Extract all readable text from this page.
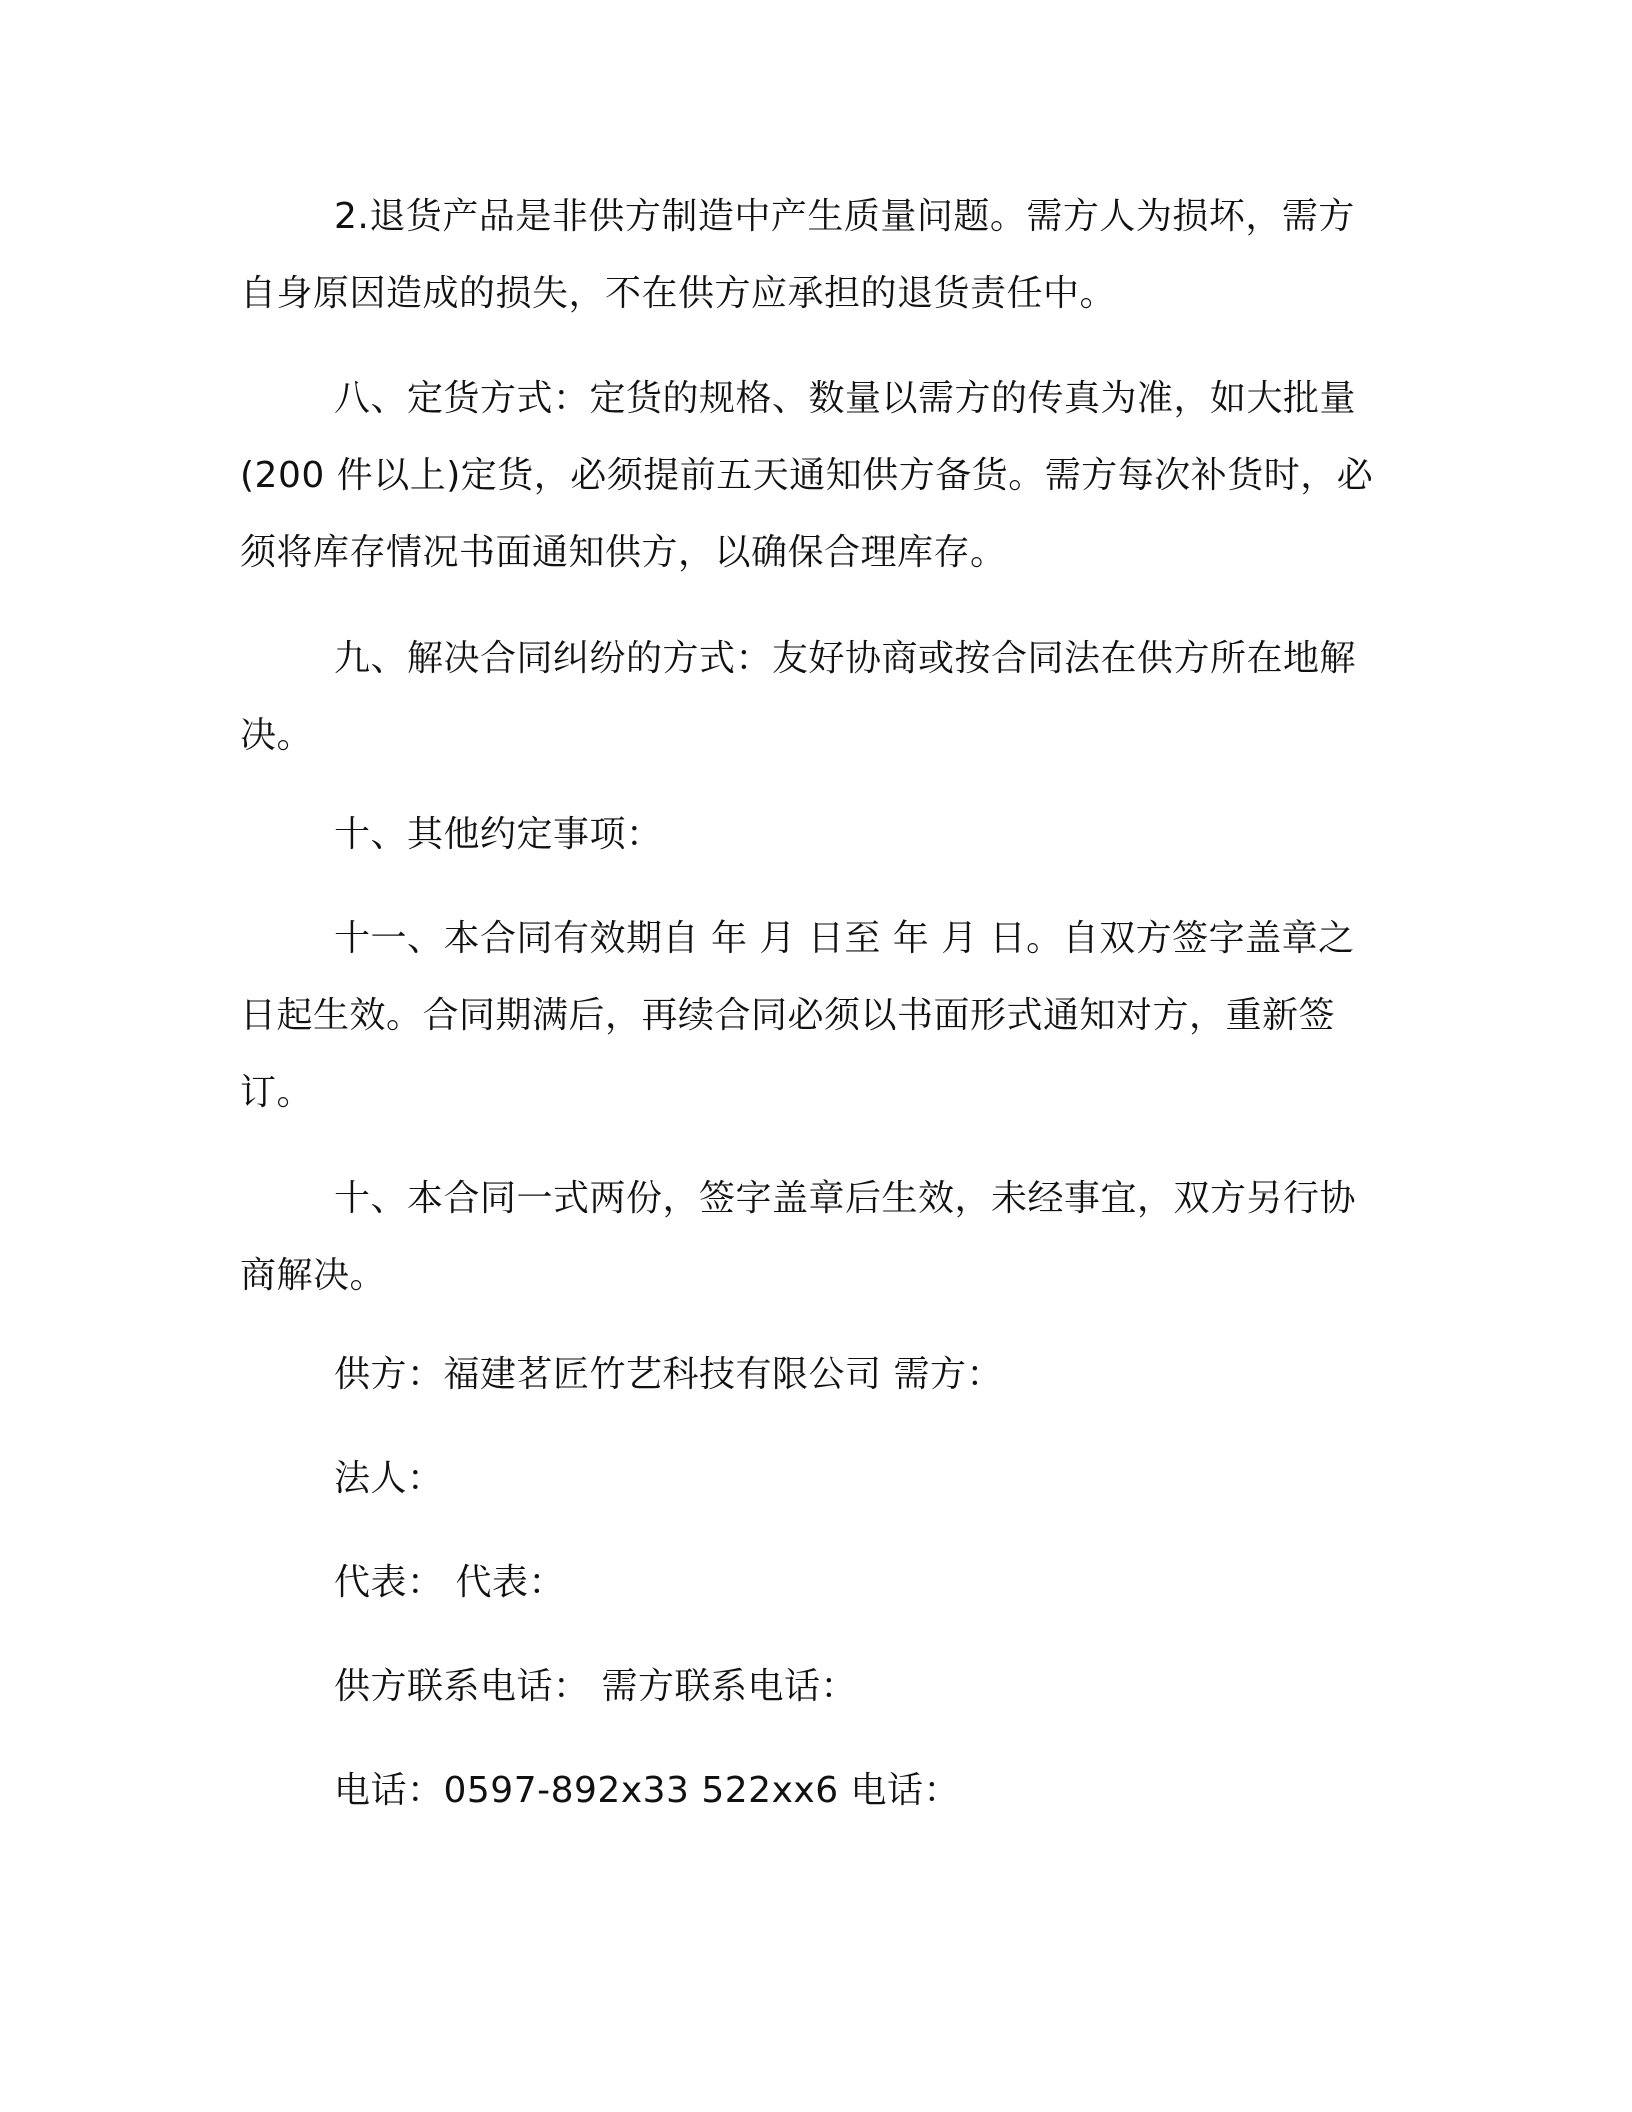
2.退货产品是非供方制造中产生质量问题。需方人为损坏，需方自身原因造成的损失，不在供方应承担的退货责任中。
八、定货方式：定货的规格、数量以需方的传真为准，如大批量(200 件以上)定货，必须提前五天通知供方备货。需方每次补货时，必须将库存情况书面通知供方，以确保合理库存。
九、解决合同纠纷的方式：友好协商或按合同法在供方所在地解决。
十、其他约定事项：
十一、本合同有效期自 年 月 日至 年 月 日。自双方签字盖章之日起生效。合同期满后，再续合同必须以书面形式通知对方，重新签订。
十、本合同一式两份，签字盖章后生效，未经事宜，双方另行协商解决。
供方：福建茗匠竹艺科技有限公司 需方：
法人：
代表： 代表：
供方联系电话： 需方联系电话：
电话：0597-892x33 522xx6 电话：
